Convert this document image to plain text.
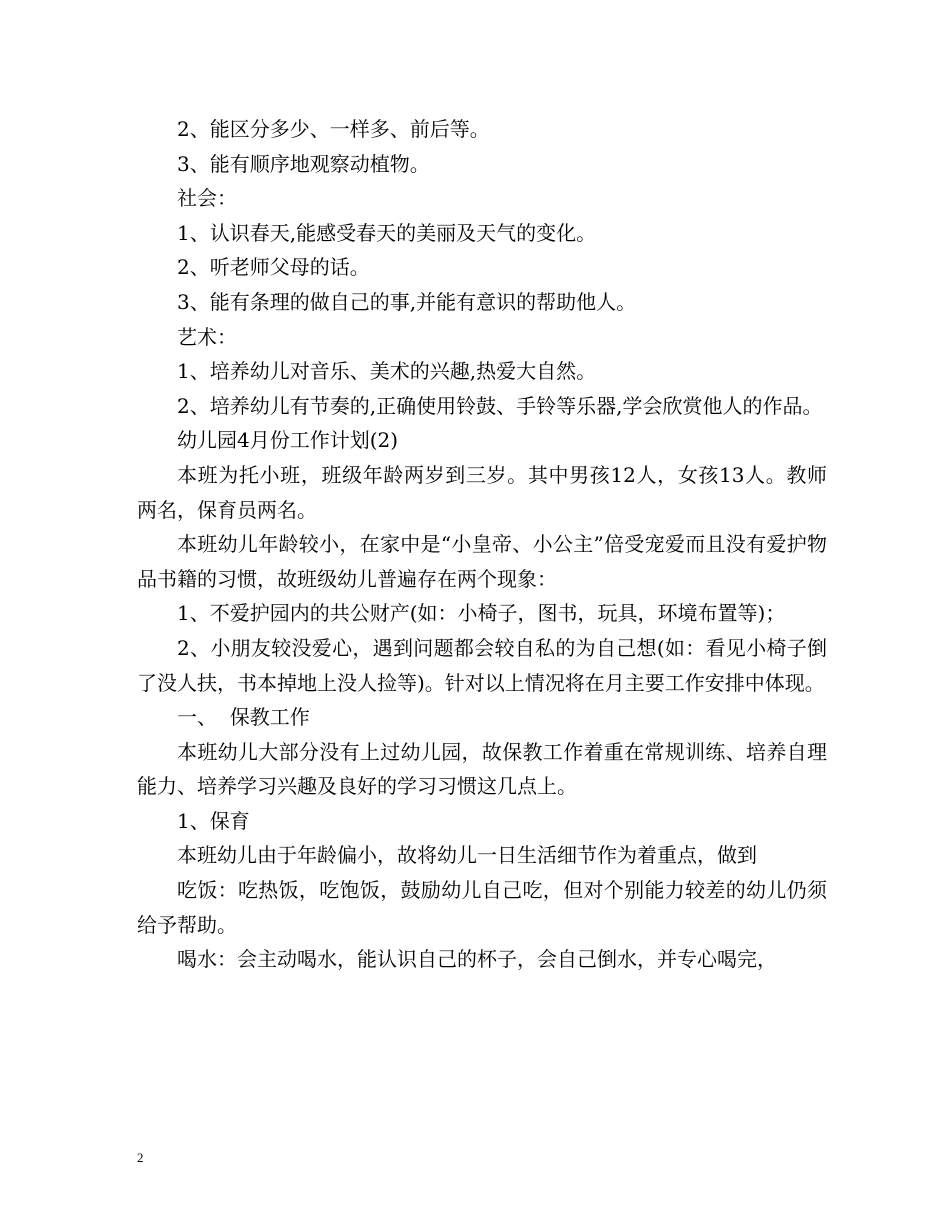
2、能区分多少、一样多、前后等。

3、能有顺序地观察动植物。

社会：

1、认识春天,能感受春天的美丽及天气的变化。

2、听老师父母的话。

3、能有条理的做自己的事,并能有意识的帮助他人。

艺术：

1、培养幼儿对音乐、美术的兴趣,热爱大自然。

2、培养幼儿有节奏的,正确使用铃鼓、手铃等乐器,学会欣赏他人的作品。

幼儿园4月份工作计划(2)

本班为托小班，班级年龄两岁到三岁。其中男孩12人，女孩13人。教师两名，保育员两名。

本班幼儿年龄较小，在家中是“小皇帝、小公主”倍受宠爱而且没有爱护物品书籍的习惯，故班级幼儿普遍存在两个现象：

1、不爱护园内的共公财产(如：小椅子，图书，玩具，环境布置等)；

2、小朋友较没爱心，遇到问题都会较自私的为自己想(如：看见小椅子倒了没人扶，书本掉地上没人捡等)。针对以上情况将在月主要工作安排中体现。

一、  保教工作

本班幼儿大部分没有上过幼儿园，故保教工作着重在常规训练、培养自理能力、培养学习兴趣及良好的学习习惯这几点上。

1、保育

本班幼儿由于年龄偏小，故将幼儿一日生活细节作为着重点，做到

吃饭：吃热饭，吃饱饭，鼓励幼儿自己吃，但对个别能力较差的幼儿仍须给予帮助。

喝水：会主动喝水，能认识自己的杯子，会自己倒水，并专心喝完，

2
